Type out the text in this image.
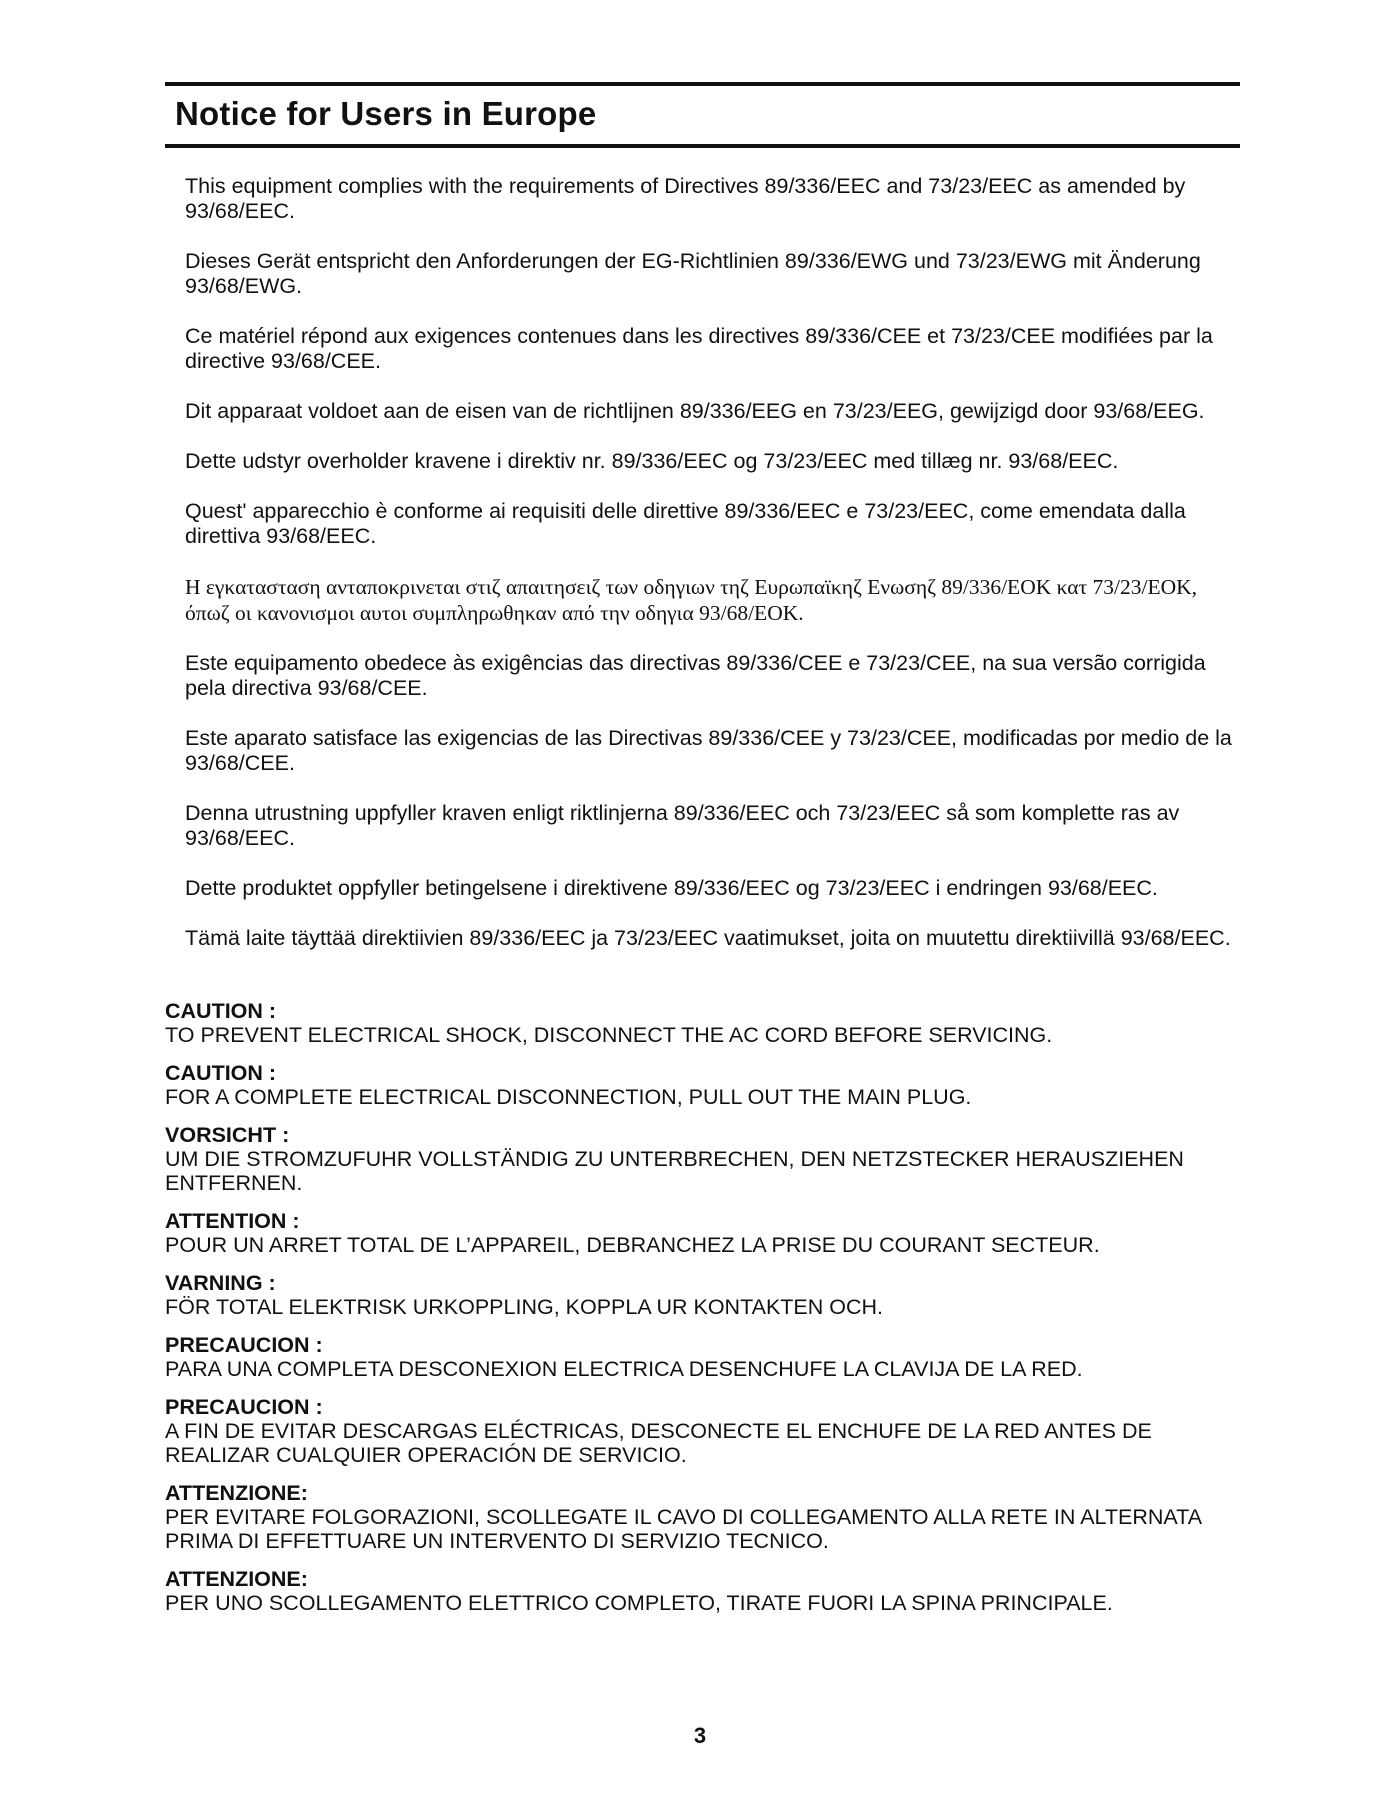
Notice for Users in Europe

This equipment complies with the requirements of Directives 89/336/EEC and 73/23/EEC as amended by 93/68/EEC.

Dieses Gerät entspricht den Anforderungen der EG-Richtlinien 89/336/EWG und 73/23/EWG mit Änderung 93/68/EWG.

Ce matériel répond aux exigences contenues dans les directives 89/336/CEE et 73/23/CEE modifiées par la directive 93/68/CEE.

Dit apparaat voldoet aan de eisen van de richtlijnen 89/336/EEG en 73/23/EEG, gewijzigd door 93/68/EEG.

Dette udstyr overholder kravene i direktiv nr. 89/336/EEC og 73/23/EEC med tillæg nr. 93/68/EEC.

Quest' apparecchio è conforme ai requisiti delle direttive 89/336/EEC e 73/23/EEC, come emendata dalla direttiva 93/68/EEC.

Η εγκατασταση ανταποκρινεται στιζ απαιτησειζ των οδηγιων τηζ Ευρωπαϊκηζ Ενωσηζ 89/336/ΕΟΚ κατ 73/23/ΕΟΚ, όπωζ οι κανονισμοι αυτοι συμπληρωθηκαν από την οδηγια 93/68/ΕΟΚ.

Este equipamento obedece às exigências das directivas 89/336/CEE e 73/23/CEE, na sua versão corrigida pela directiva 93/68/CEE.

Este aparato satisface las exigencias de las Directivas 89/336/CEE y 73/23/CEE, modificadas por medio de la 93/68/CEE.

Denna utrustning uppfyller kraven enligt riktlinjerna 89/336/EEC och 73/23/EEC så som komplette ras av 93/68/EEC.

Dette produktet oppfyller betingelsene i direktivene 89/336/EEC og 73/23/EEC i endringen 93/68/EEC.

Tämä laite täyttää direktiivien 89/336/EEC ja 73/23/EEC vaatimukset, joita on muutettu direktiivillä 93/68/EEC.

CAUTION :
TO PREVENT ELECTRICAL SHOCK, DISCONNECT THE AC CORD BEFORE SERVICING.
CAUTION :
FOR A COMPLETE ELECTRICAL DISCONNECTION, PULL OUT THE MAIN PLUG.
VORSICHT :
UM DIE STROMZUFUHR VOLLSTÄNDIG ZU UNTERBRECHEN, DEN NETZSTECKER HERAUSZIEHEN ENTFERNEN.
ATTENTION :
POUR UN ARRET TOTAL DE L’APPAREIL, DEBRANCHEZ LA PRISE DU COURANT SECTEUR.
VARNING :
FÖR TOTAL ELEKTRISK URKOPPLING, KOPPLA UR KONTAKTEN OCH.
PRECAUCION :
PARA UNA COMPLETA DESCONEXION ELECTRICA DESENCHUFE LA CLAVIJA DE LA RED.
PRECAUCION :
A FIN DE EVITAR DESCARGAS ELÉCTRICAS, DESCONECTE EL ENCHUFE DE LA RED ANTES DE REALIZAR CUALQUIER OPERACIÓN DE SERVICIO.
ATTENZIONE:
PER EVITARE FOLGORAZIONI, SCOLLEGATE IL CAVO DI COLLEGAMENTO ALLA RETE IN ALTERNATA PRIMA DI EFFETTUARE UN INTERVENTO DI SERVIZIO TECNICO.
ATTENZIONE:
PER UNO SCOLLEGAMENTO ELETTRICO COMPLETO, TIRATE FUORI LA SPINA PRINCIPALE.
3
